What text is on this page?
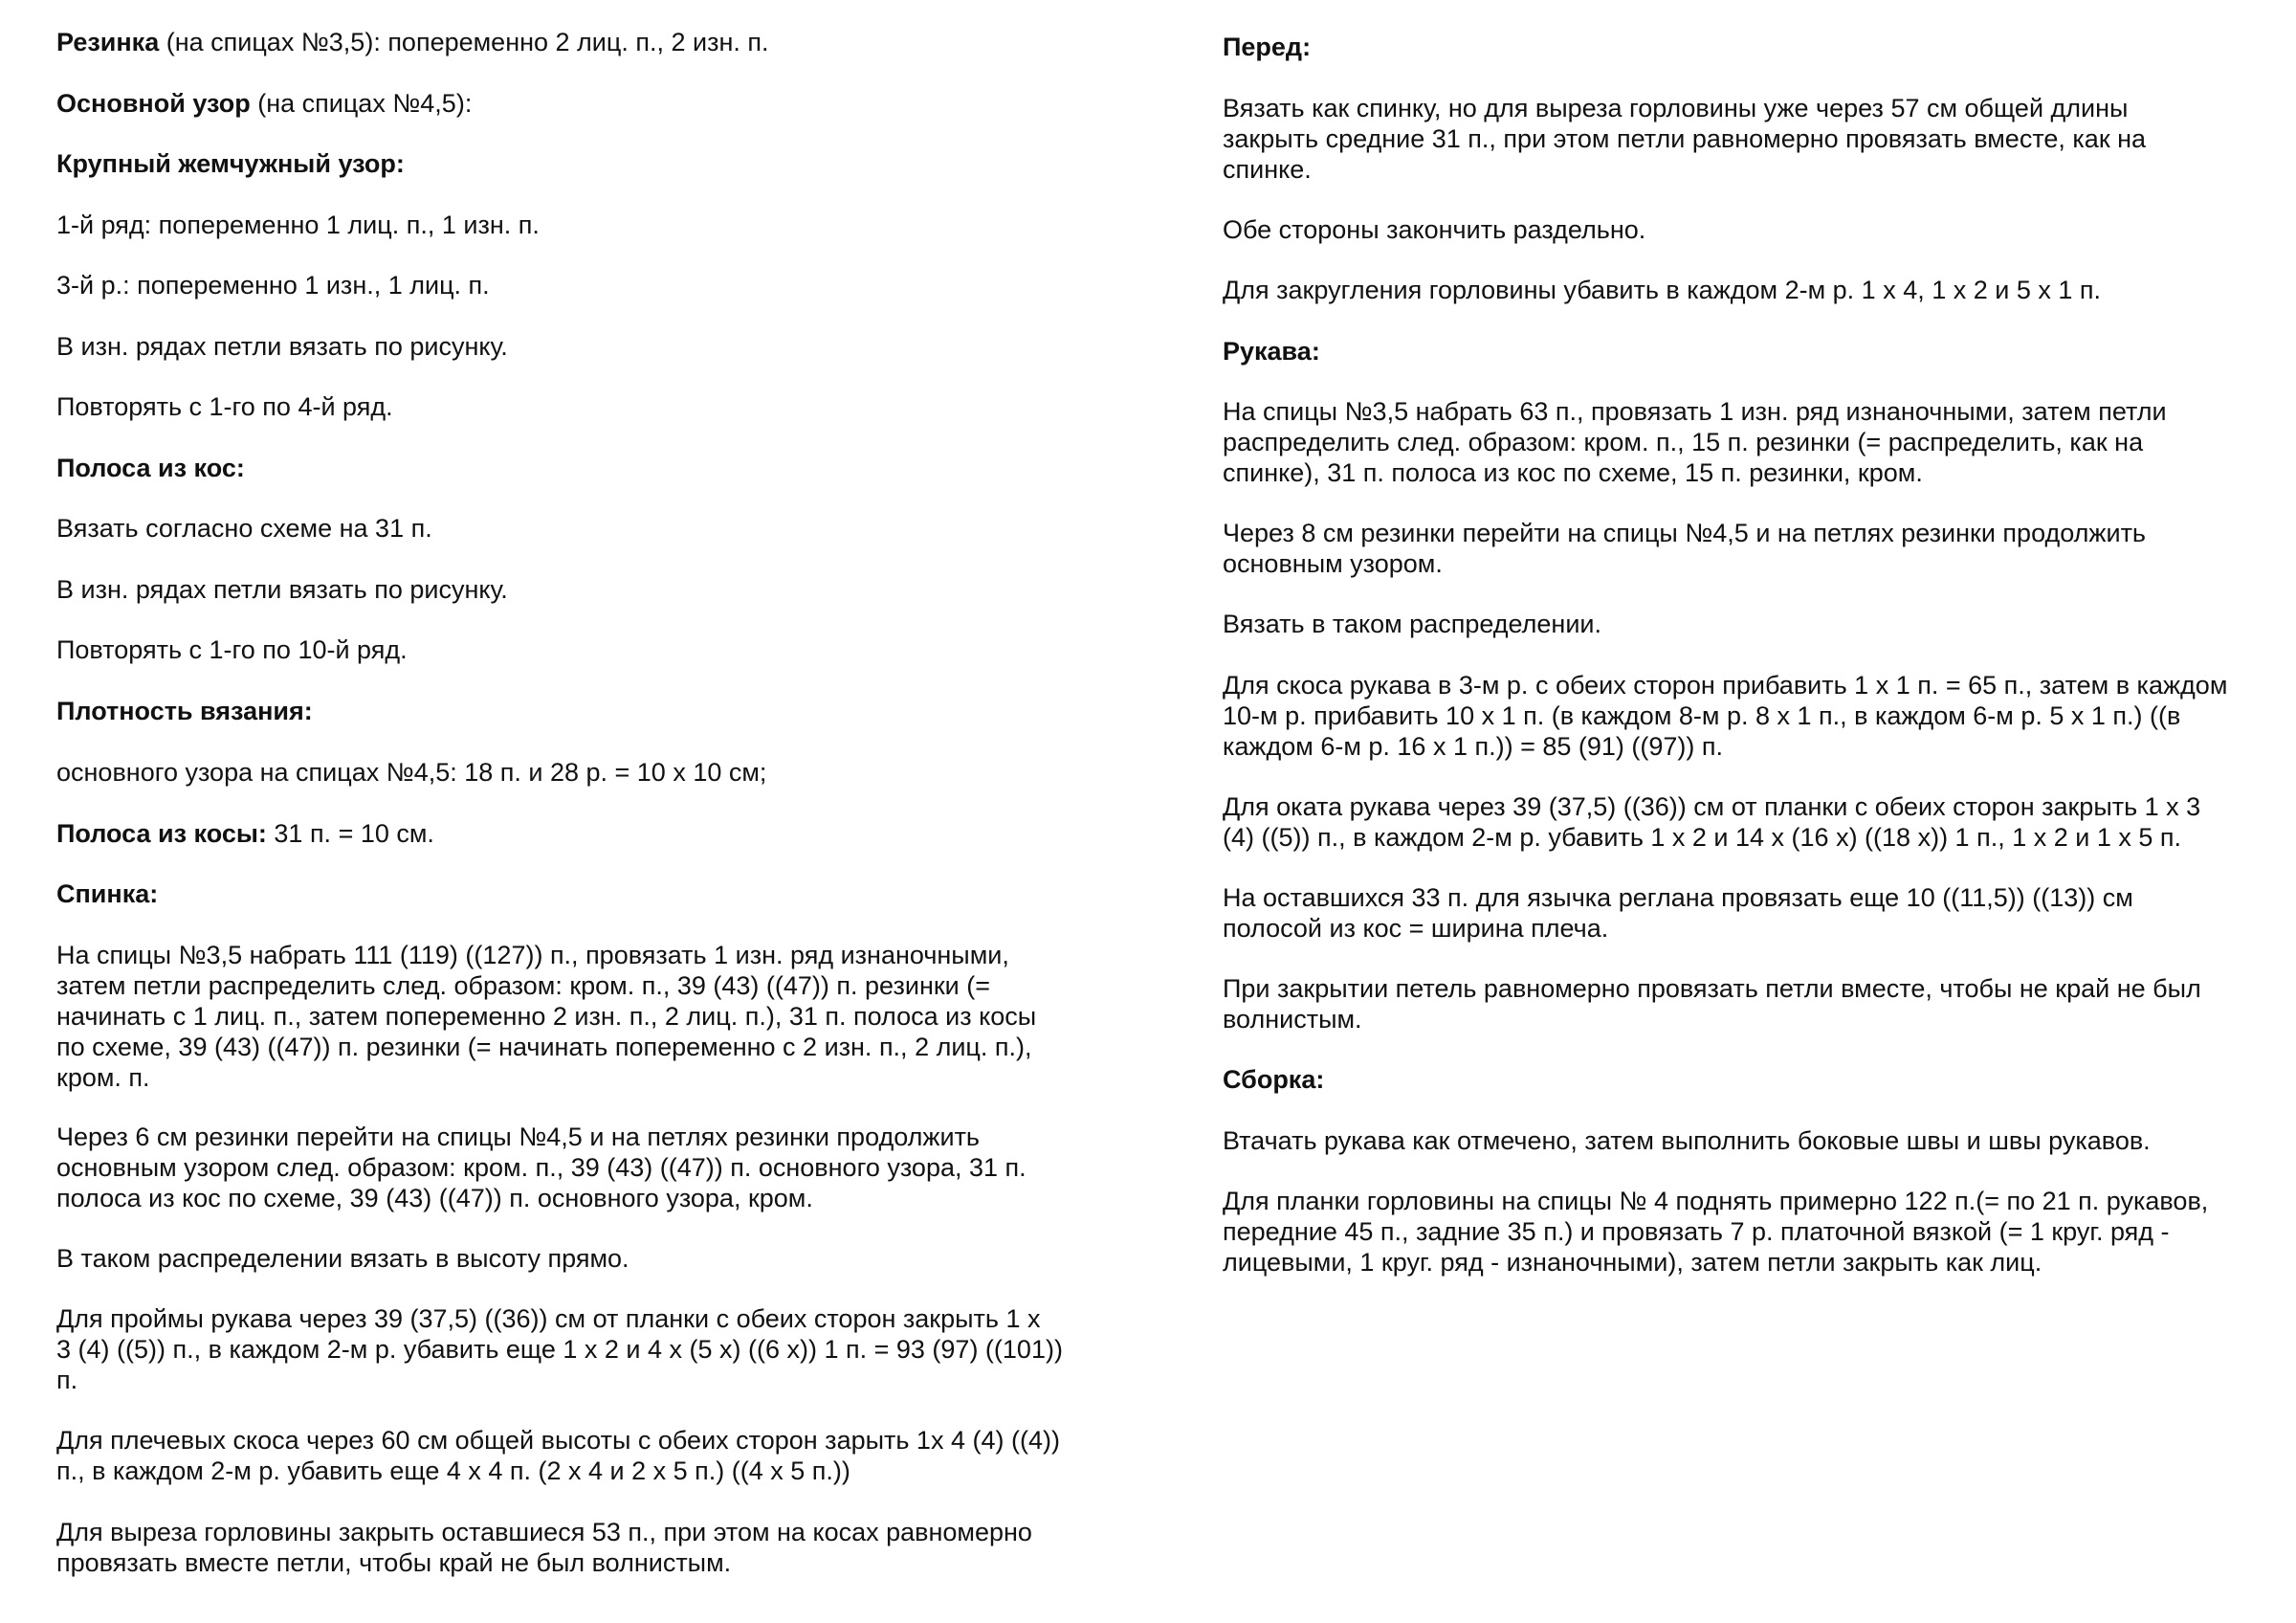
Резинка (на спицах №3,5): попеременно 2 лиц. п., 2 изн. п.

Основной узор (на спицах №4,5):

Крупный жемчужный узор:

1-й ряд: попеременно 1 лиц. п., 1 изн. п.

3-й р.: попеременно 1 изн., 1 лиц. п.

В изн. рядах петли вязать по рисунку.

Повторять с 1-го по 4-й ряд.

Полоса из кос:

Вязать согласно схеме на 31 п.

В изн. рядах петли вязать по рисунку.

Повторять с 1-го по 10-й ряд.

Плотность вязания:

основного узора на спицах №4,5: 18 п. и 28 р. = 10 х 10 см;

Полоса из косы: 31 п. = 10 см.

Спинка:

На спицы №3,5 набрать 111 (119) ((127)) п., провязать 1 изн. ряд изнаночными,
затем петли распределить след. образом: кром. п., 39 (43) ((47)) п. резинки (=
начинать с 1 лиц. п., затем попеременно 2 изн. п., 2 лиц. п.), 31 п. полоса из косы
по схеме, 39 (43) ((47)) п. резинки (= начинать попеременно с 2 изн. п., 2 лиц. п.),
кром. п.

Через 6 см резинки перейти на спицы №4,5 и на петлях резинки продолжить
основным узором след. образом: кром. п., 39 (43) ((47)) п. основного узора, 31 п.
полоса из кос по схеме, 39 (43) ((47)) п. основного узора, кром.

В таком распределении вязать в высоту прямо.

Для проймы рукава через 39 (37,5) ((36)) см от планки с обеих сторон закрыть 1 х
3 (4) ((5)) п., в каждом 2-м р. убавить еще 1 х 2 и 4 х (5 х) ((6 х)) 1 п. = 93 (97) ((101))
п.

Для плечевых скоса через 60 см общей высоты с обеих сторон зарыть 1х 4 (4) ((4))
п., в каждом 2-м р. убавить еще 4 х 4 п. (2 х 4 и 2 х 5 п.) ((4 х 5 п.))

Для выреза горловины закрыть оставшиеся 53 п., при этом на косах равномерно
провязать вместе петли, чтобы край не был волнистым.

Перед:

Вязать как спинку, но для выреза горловины уже через 57 см общей длины
закрыть средние 31 п., при этом петли равномерно провязать вместе, как на
спинке.

Обе стороны закончить раздельно.

Для закругления горловины убавить в каждом 2-м р. 1 х 4, 1 х 2 и 5 х 1 п.

Рукава:

На спицы №3,5 набрать 63 п., провязать 1 изн. ряд изнаночными, затем петли
распределить след. образом: кром. п., 15 п. резинки (= распределить, как на
спинке), 31 п. полоса из кос по схеме, 15 п. резинки, кром.

Через 8 см резинки перейти на спицы №4,5 и на петлях резинки продолжить
основным узором.

Вязать в таком распределении.

Для скоса рукава в 3-м р. с обеих сторон прибавить 1 х 1 п. = 65 п., затем в каждом
10-м р. прибавить 10 х 1 п. (в каждом 8-м р. 8 х 1 п., в каждом 6-м р. 5 х 1 п.) ((в
каждом 6-м р. 16 х 1 п.)) = 85 (91) ((97)) п.

Для оката рукава через 39 (37,5) ((36)) см от планки с обеих сторон закрыть 1 х 3
(4) ((5)) п., в каждом 2-м р. убавить 1 х 2 и 14 х (16 х) ((18 х)) 1 п., 1 х 2 и 1 х 5 п.

На оставшихся 33 п. для язычка реглана провязать еще 10 ((11,5)) ((13)) см
полосой из кос = ширина плеча.

При закрытии петель равномерно провязать петли вместе, чтобы не край не был
волнистым.

Сборка:

Втачать рукава как отмечено, затем выполнить боковые швы и швы рукавов.

Для планки горловины на спицы № 4 поднять примерно 122 п.(= по 21 п. рукавов,
передние 45 п., задние 35 п.) и провязать 7 р. платочной вязкой (= 1 круг. ряд -
лицевыми, 1 круг. ряд - изнаночными), затем петли закрыть как лиц.
